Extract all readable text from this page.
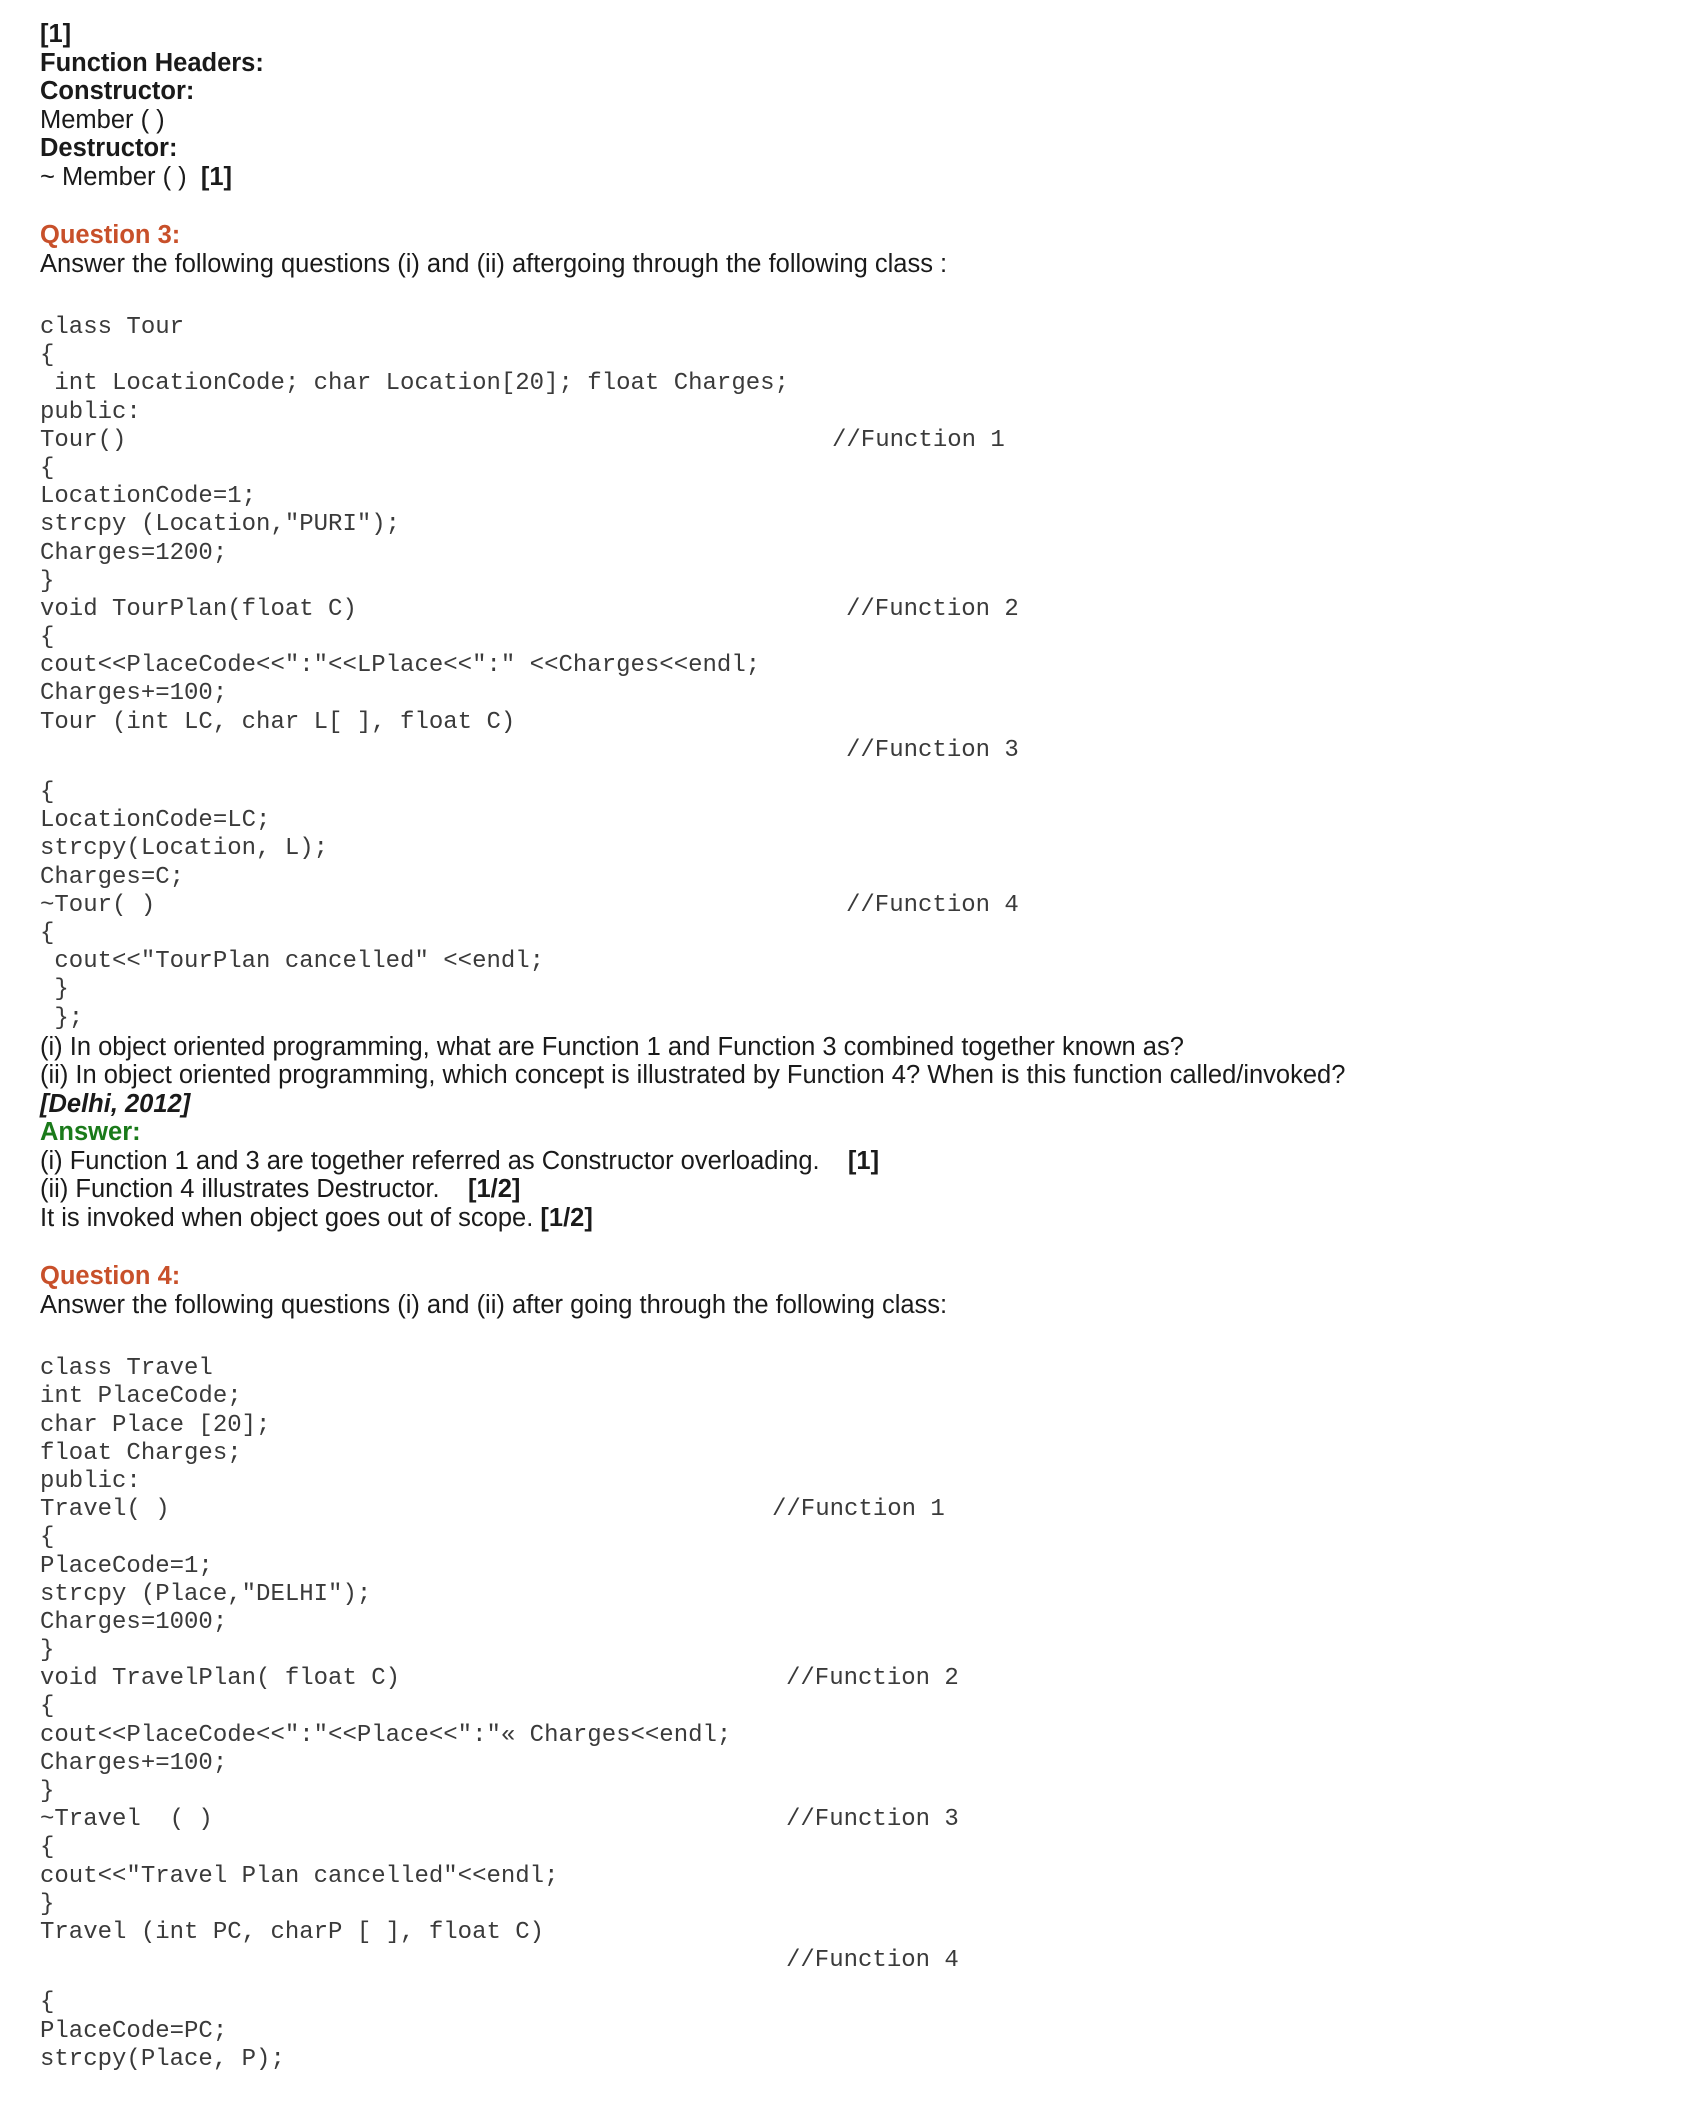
[1]
Function Headers:
Constructor:
Member ( )
Destructor:
~ Member ( )  [1]
Question 3:
Answer the following questions (i) and (ii) aftergoing through the following class :
class Tour
{
int LocationCode; char Location[20]; float Charges;
public:
Tour()	//Function 1
{
LocationCode=1;
strcpy (Location,"PURI");
Charges=1200;
}
void TourPlan(float C)	//Function 2
{
cout<<PlaceCode<<":"<<LPlace<<":" <<Charges<<endl;
Charges+=100;
Tour (int LC, char L[ ], float C)
//Function 3
{
LocationCode=LC;
strcpy(Location, L);
Charges=C;
~Tour( )	//Function 4
{
cout<<"TourPlan cancelled" <<endl;
}
};
(i) In object oriented programming, what are Function 1 and Function 3 combined together known as?
(ii) In object oriented programming, which concept is illustrated by Function 4? When is this function called/invoked?
[Delhi, 2012]
Answer:
(i) Function 1 and 3 are together referred as Constructor overloading.    [1]
(ii) Function 4 illustrates Destructor.    [1/2]
It is invoked when object goes out of scope. [1/2]
Question 4:
Answer the following questions (i) and (ii) after going through the following class:
class Travel
int PlaceCode;
char Place [20];
float Charges;
public:
Travel( )	//Function 1
{
PlaceCode=1;
strcpy (Place,"DELHI");
Charges=1000;
}
void TravelPlan( float C)	//Function 2
{
cout<<PlaceCode<<":"<<Place<<":"« Charges<<endl;
Charges+=100;
}
~Travel  ( )	//Function 3
{
cout<<"Travel Plan cancelled"<<endl;
}
Travel (int PC, charP [ ], float C)
//Function 4
{
PlaceCode=PC;
strcpy(Place, P);
